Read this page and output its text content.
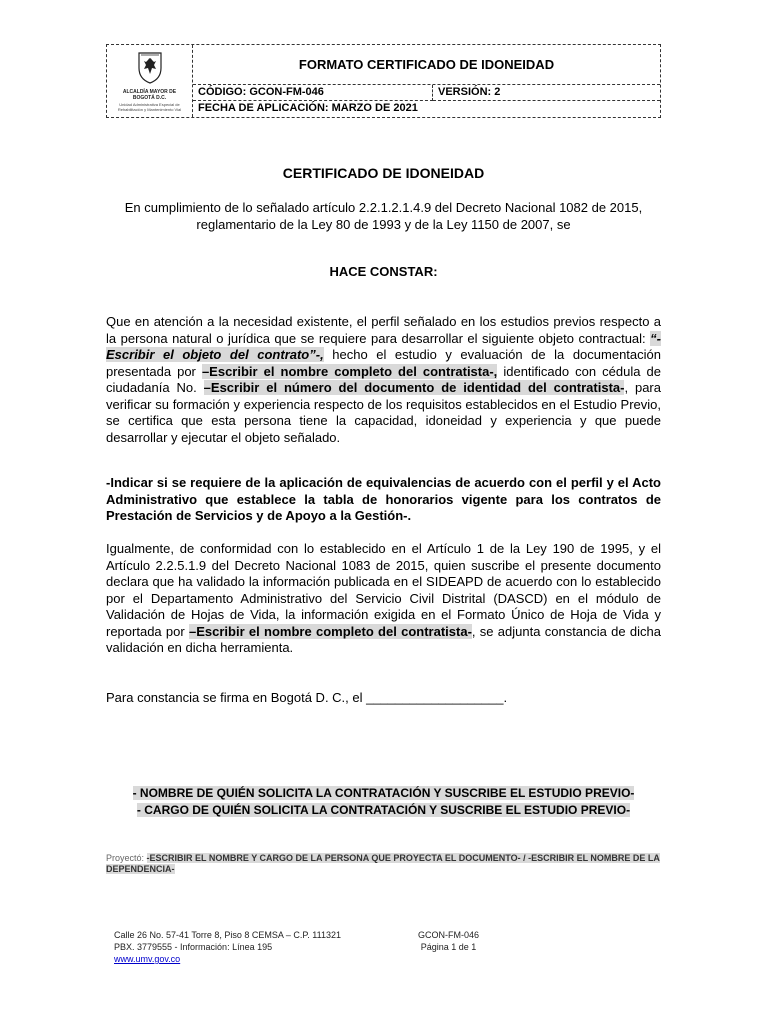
ALCALDÍA MAYOR DE BOGOTÁ D.C.
Unidad Administrativa Especial de Rehabilitación y Mantenimiento Vial
FORMATO CERTIFICADO DE IDONEIDAD
CÓDIGO: GCON-FM-046	VERSIÓN: 2
FECHA DE APLICACIÓN: MARZO DE 2021
CERTIFICADO DE IDONEIDAD
En cumplimiento de lo señalado artículo 2.2.1.2.1.4.9 del Decreto Nacional 1082 de 2015, reglamentario de la Ley 80 de 1993 y de la Ley 1150 de 2007, se
HACE CONSTAR:
Que en atención a la necesidad existente, el perfil señalado en los estudios previos respecto a la persona natural o jurídica que se requiere para desarrollar el siguiente objeto contractual: “-Escribir el objeto del contrato”-, hecho el estudio y evaluación de la documentación presentada por –Escribir el nombre completo del contratista-, identificado con cédula de ciudadanía No. –Escribir el número del documento de identidad del contratista-, para verificar su formación y experiencia respecto de los requisitos establecidos en el Estudio Previo, se certifica que esta persona tiene la capacidad, idoneidad y experiencia y que puede desarrollar y ejecutar el objeto señalado.
-Indicar si se requiere de la aplicación de equivalencias de acuerdo con el perfil y el Acto Administrativo que establece la tabla de honorarios vigente para los contratos de Prestación de Servicios y de Apoyo a la Gestión-.
Igualmente, de conformidad con lo establecido en el Artículo 1 de la Ley 190 de 1995, y el Artículo 2.2.5.1.9 del Decreto Nacional 1083 de 2015, quien suscribe el presente documento declara que ha validado la información publicada en el SIDEAPD de acuerdo con lo establecido por el Departamento Administrativo del Servicio Civil Distrital (DASCD) en el módulo de Validación de Hojas de Vida, la información exigida en el Formato Único de Hoja de Vida y reportada por –Escribir el nombre completo del contratista-, se adjunta constancia de dicha validación en dicha herramienta.
Para constancia se firma en Bogotá D. C., el ___________________.
- NOMBRE DE QUIÉN SOLICITA LA CONTRATACIÓN Y SUSCRIBE EL ESTUDIO PREVIO-
- CARGO DE QUIÉN SOLICITA LA CONTRATACIÓN Y SUSCRIBE EL ESTUDIO PREVIO-
Proyectó: -ESCRIBIR EL NOMBRE Y CARGO DE LA PERSONA QUE PROYECTA EL DOCUMENTO- / -ESCRIBIR EL NOMBRE DE LA DEPENDENCIA-
Calle 26 No. 57-41 Torre 8, Piso 8 CEMSA – C.P. 111321
PBX. 3779555 - Información: Línea 195
www.umv.gov.co
GCON-FM-046
Página 1 de 1
